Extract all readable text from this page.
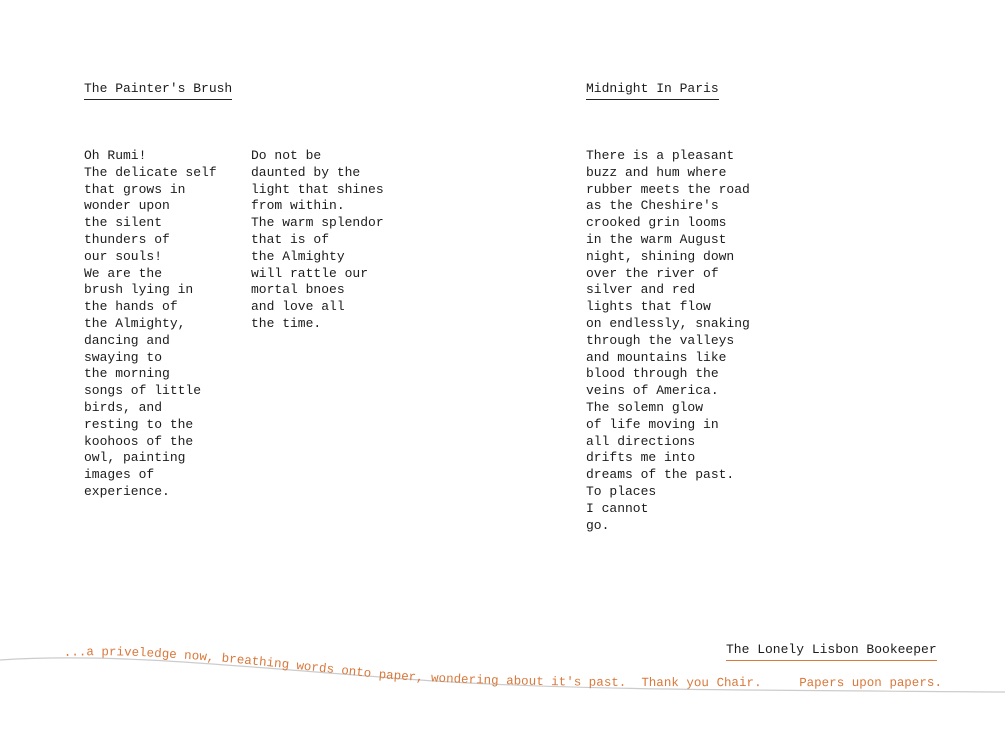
The Painter's Brush
Oh Rumi!
The delicate self
that grows in
wonder upon
the silent
thunders of
our souls!
We are the
brush lying in
the hands of
the Almighty,
dancing and
swaying to
the morning
songs of little
birds, and
resting to the
koohoos of the
owl, painting
images of
experience.
Do not be
daunted by the
light that shines
from within.
The warm splendor
that is of
the Almighty
will rattle our
mortal bnoes
and love all
the time.
Midnight In Paris
There is a pleasant
buzz and hum where
rubber meets the road
as the Cheshire's
crooked grin looms
in the warm August
night, shining down
over the river of
silver and red
lights that flow
on endlessly, snaking
through the valleys
and mountains like
blood through the
veins of America.
The solemn glow
of life moving in
all directions
drifts me into
dreams of the past.
To places
I cannot
go.
The Lonely Lisbon Bookeeper
...a priveledge now, breathing words onto paper, wondering about it's past.  Thank you Chair.     Papers upon papers.
